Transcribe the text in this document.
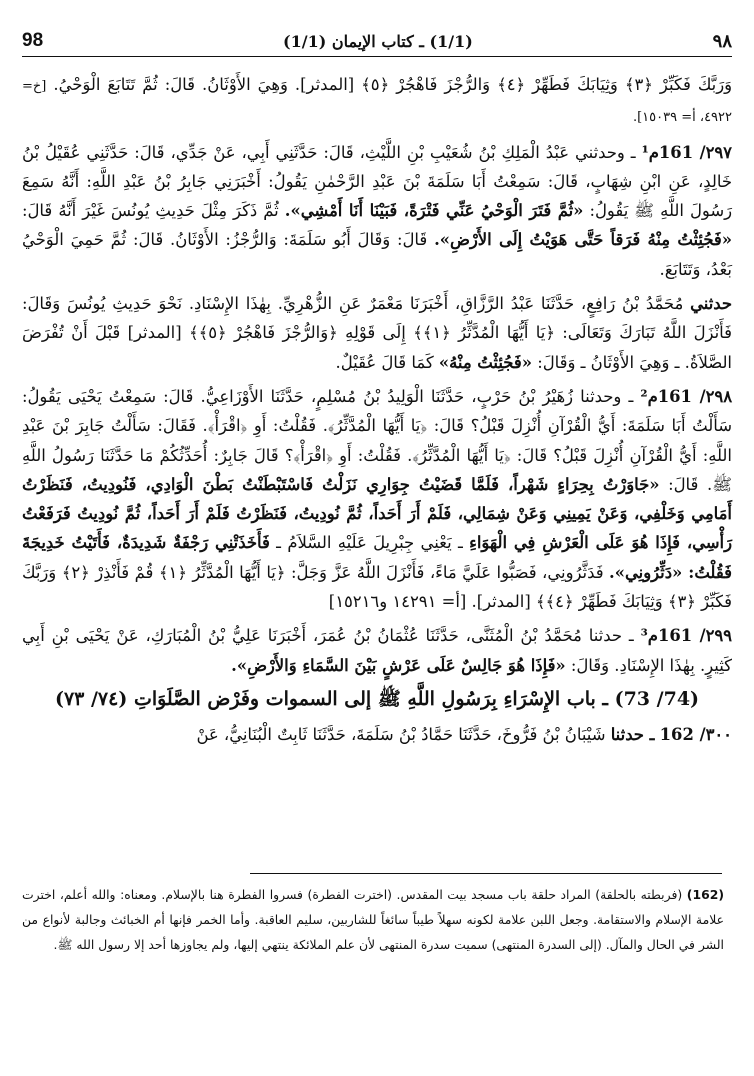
98	(1/1) ـ كتاب الإيمان (1/1)	٩٨

وَرَبَّكَ فَكَبِّرْ ﴿٣﴾ وَثِيَابَكَ فَطَهِّرْ ﴿٤﴾ وَالرُّجْزَ فَاهْجُرْ ﴿٥﴾ [المدثر]. وَهِيَ الأَوْثَانُ. قَالَ: ثُمَّ تَتَابَعَ الْوَحْيُ. [خ= ٤٩٢٢، أ= ١٥٠٣٩].

٢٩٧/ 161م¹ ـ وحدثني عَبْدُ الْمَلِكِ بْنُ شُعَيْبِ بْنِ اللَّيْثِ، قَالَ: حَدَّثَنِي أَبِي، عَنْ جَدِّي، قَالَ: حَدَّثَنِي عُقَيْلُ بْنُ خَالِدٍ، عَنِ ابْنِ شِهَابٍ، قَالَ: سَمِعْتُ أَبَا سَلَمَةَ بْنَ عَبْدِ الرَّحْمٰنِ يَقُولُ: أَخْبَرَنِي جَابِرُ بْنُ عَبْدِ اللَّهِ: أَنَّهُ سَمِعَ رَسُولَ اللَّهِ ﷺ يَقُولُ: «ثُمَّ فَتَرَ الْوَحْيُ عَنِّي فَتْرَةً، فَبَيْنَا أَنَا أَمْشِي». ثُمَّ ذَكَرَ مِثْلَ حَدِيثِ يُونُسَ غَيْرَ أَنَّهُ قَالَ: «فَجُئِثْتُ مِنْهُ فَرَقاً حَتَّى هَوَيْتُ إِلَى الأَرْضِ». قَالَ: وَقَالَ أَبُو سَلَمَةَ: وَالرُّجْزُ: الأَوْثَانُ. قَالَ: ثُمَّ حَمِيَ الْوَحْيُ بَعْدُ، وَتَتَابَعَ.

حدثني مُحَمَّدُ بْنُ رَافِعٍ، حَدَّثَنَا عَبْدُ الرَّزَّاقِ، أَخْبَرَنَا مَعْمَرٌ عَنِ الزُّهْرِيِّ. بِهٰذَا الإِسْنَادِ. نَحْوَ حَدِيثِ يُونُسَ وَقَالَ: فَأَنْزَلَ اللَّهُ تَبَارَكَ وَتَعَالَى: ﴿يَا أَيُّهَا الْمُدَّثِّرُ ﴿١﴾﴾ إِلَى قَوْلِهِ ﴿وَالرُّجْزَ فَاهْجُرْ ﴿٥﴾﴾ [المدثر] قَبْلَ أَنْ تُفْرَضَ الصَّلاَةُ. ـ وَهِيَ الأَوْثَانُ ـ وَقَالَ: «فَجُئِثْتُ مِنْهُ» كَمَا قَالَ عُقَيْلٌ.

٢٩٨/ 161م² ـ وحدثنا زُهَيْرُ بْنُ حَرْبٍ، حَدَّثَنَا الْوَلِيدُ بْنُ مُسْلِمٍ، حَدَّثَنَا الأَوْزَاعِيُّ. قَالَ: سَمِعْتُ يَحْيَى يَقُولُ: سَأَلْتُ أَبَا سَلَمَةَ: أَيُّ الْقُرْآنِ أُنْزِلَ قَبْلُ؟ قَالَ: ﴿يَا أَيُّهَا الْمُدَّثِّرُ﴾. فَقُلْتُ: أَوِ ﴿اقْرَأْ﴾. فَقَالَ: سَأَلْتُ جَابِرَ بْنَ عَبْدِ اللَّهِ: أَيُّ الْقُرْآنِ أُنْزِلَ قَبْلُ؟ قَالَ: ﴿يَا أَيُّهَا الْمُدَّثِّرُ﴾. فَقُلْتُ: أَوِ ﴿اقْرَأْ﴾؟ قَالَ جَابِرٌ: أُحَدِّثُكُمْ مَا حَدَّثَنَا رَسُولُ اللَّهِ ﷺ. قَالَ: «جَاوَرْتُ بِحِرَاءٍ شَهْراً، فَلَمَّا قَضَيْتُ جِوَارِي نَزَلْتُ فَاسْتَبْطَنْتُ بَطْنَ الْوَادِي، فَنُودِيتُ، فَنَظَرْتُ أَمَامِي وَخَلْفِي، وَعَنْ يَمِينِي وَعَنْ شِمَالِي، فَلَمْ أَرَ أَحَداً، ثُمَّ نُودِيتُ، فَنَظَرْتُ فَلَمْ أَرَ أَحَداً، ثُمَّ نُودِيتُ فَرَفَعْتُ رَأْسِي، فَإِذَا هُوَ عَلَى الْعَرْشِ فِي الْهَوَاءِ ـ يَعْنِي جِبْرِيلَ عَلَيْهِ السَّلاَمُ ـ فَأَخَذَتْنِي رَجْفَةٌ شَدِيدَةٌ، فَأَتَيْتُ خَدِيجَةَ فَقُلْتُ: «دَثِّرُونِي». فَدَثَّرُونِي، فَصَبُّوا عَلَيَّ مَاءً، فَأَنْزَلَ اللَّهُ عَزَّ وَجَلَّ: ﴿يَا أَيُّهَا الْمُدَّثِّرُ ﴿١﴾ قُمْ فَأَنْذِرْ ﴿٢﴾ وَرَبَّكَ فَكَبِّرْ ﴿٣﴾ وَثِيَابَكَ فَطَهِّرْ ﴿٤﴾﴾ [المدثر]. [أ= ١٤٢٩١ و١٥٢١٦]

٢٩٩/ 161م³ ـ حدثنا مُحَمَّدُ بْنُ الْمُثَنَّى، حَدَّثَنَا عُثْمَانُ بْنُ عُمَرَ، أَخْبَرَنَا عَلِيُّ بْنُ الْمُبَارَكِ، عَنْ يَحْيَى بْنِ أَبِي كَثِيرٍ. بِهٰذَا الإِسْنَادِ. وَقَالَ: «فَإِذَا هُوَ جَالِسٌ عَلَى عَرْشٍ بَيْنَ السَّمَاءِ وَالأَرْضِ».

(74/ 73) ـ باب الإِسْرَاءِ بِرَسُولِ اللَّهِ ﷺ إلى السموات وفَرْض الصَّلَوَاتِ (٧٤/ ٧٣)

٣٠٠/ 162 ـ حدثنا شَيْبَانُ بْنُ فَرُّوخَ، حَدَّثَنَا حَمَّادُ بْنُ سَلَمَةَ، حَدَّثَنَا ثَابِتٌ الْبُنَانِيُّ، عَنْ

(162) (فربطته بالحلقة) المراد حلقة باب مسجد بيت المقدس. (اخترت الفطرة) فسروا الفطرة هنا بالإسلام. ومعناه: والله أعلم، اخترت علامة الإسلام والاستقامة. وجعل اللبن علامة لكونه سهلاً طيباً سائغاً للشاربين، سليم العاقبة. وأما الخمر فإنها أم الخبائث وجالبة لأنواع من الشر في الحال والمآل. (إلى السدرة المنتهى) سميت سدرة المنتهى لأن علم الملائكة ينتهي إليها، ولم يجاوزها أحد إلا رسول الله ﷺ.
